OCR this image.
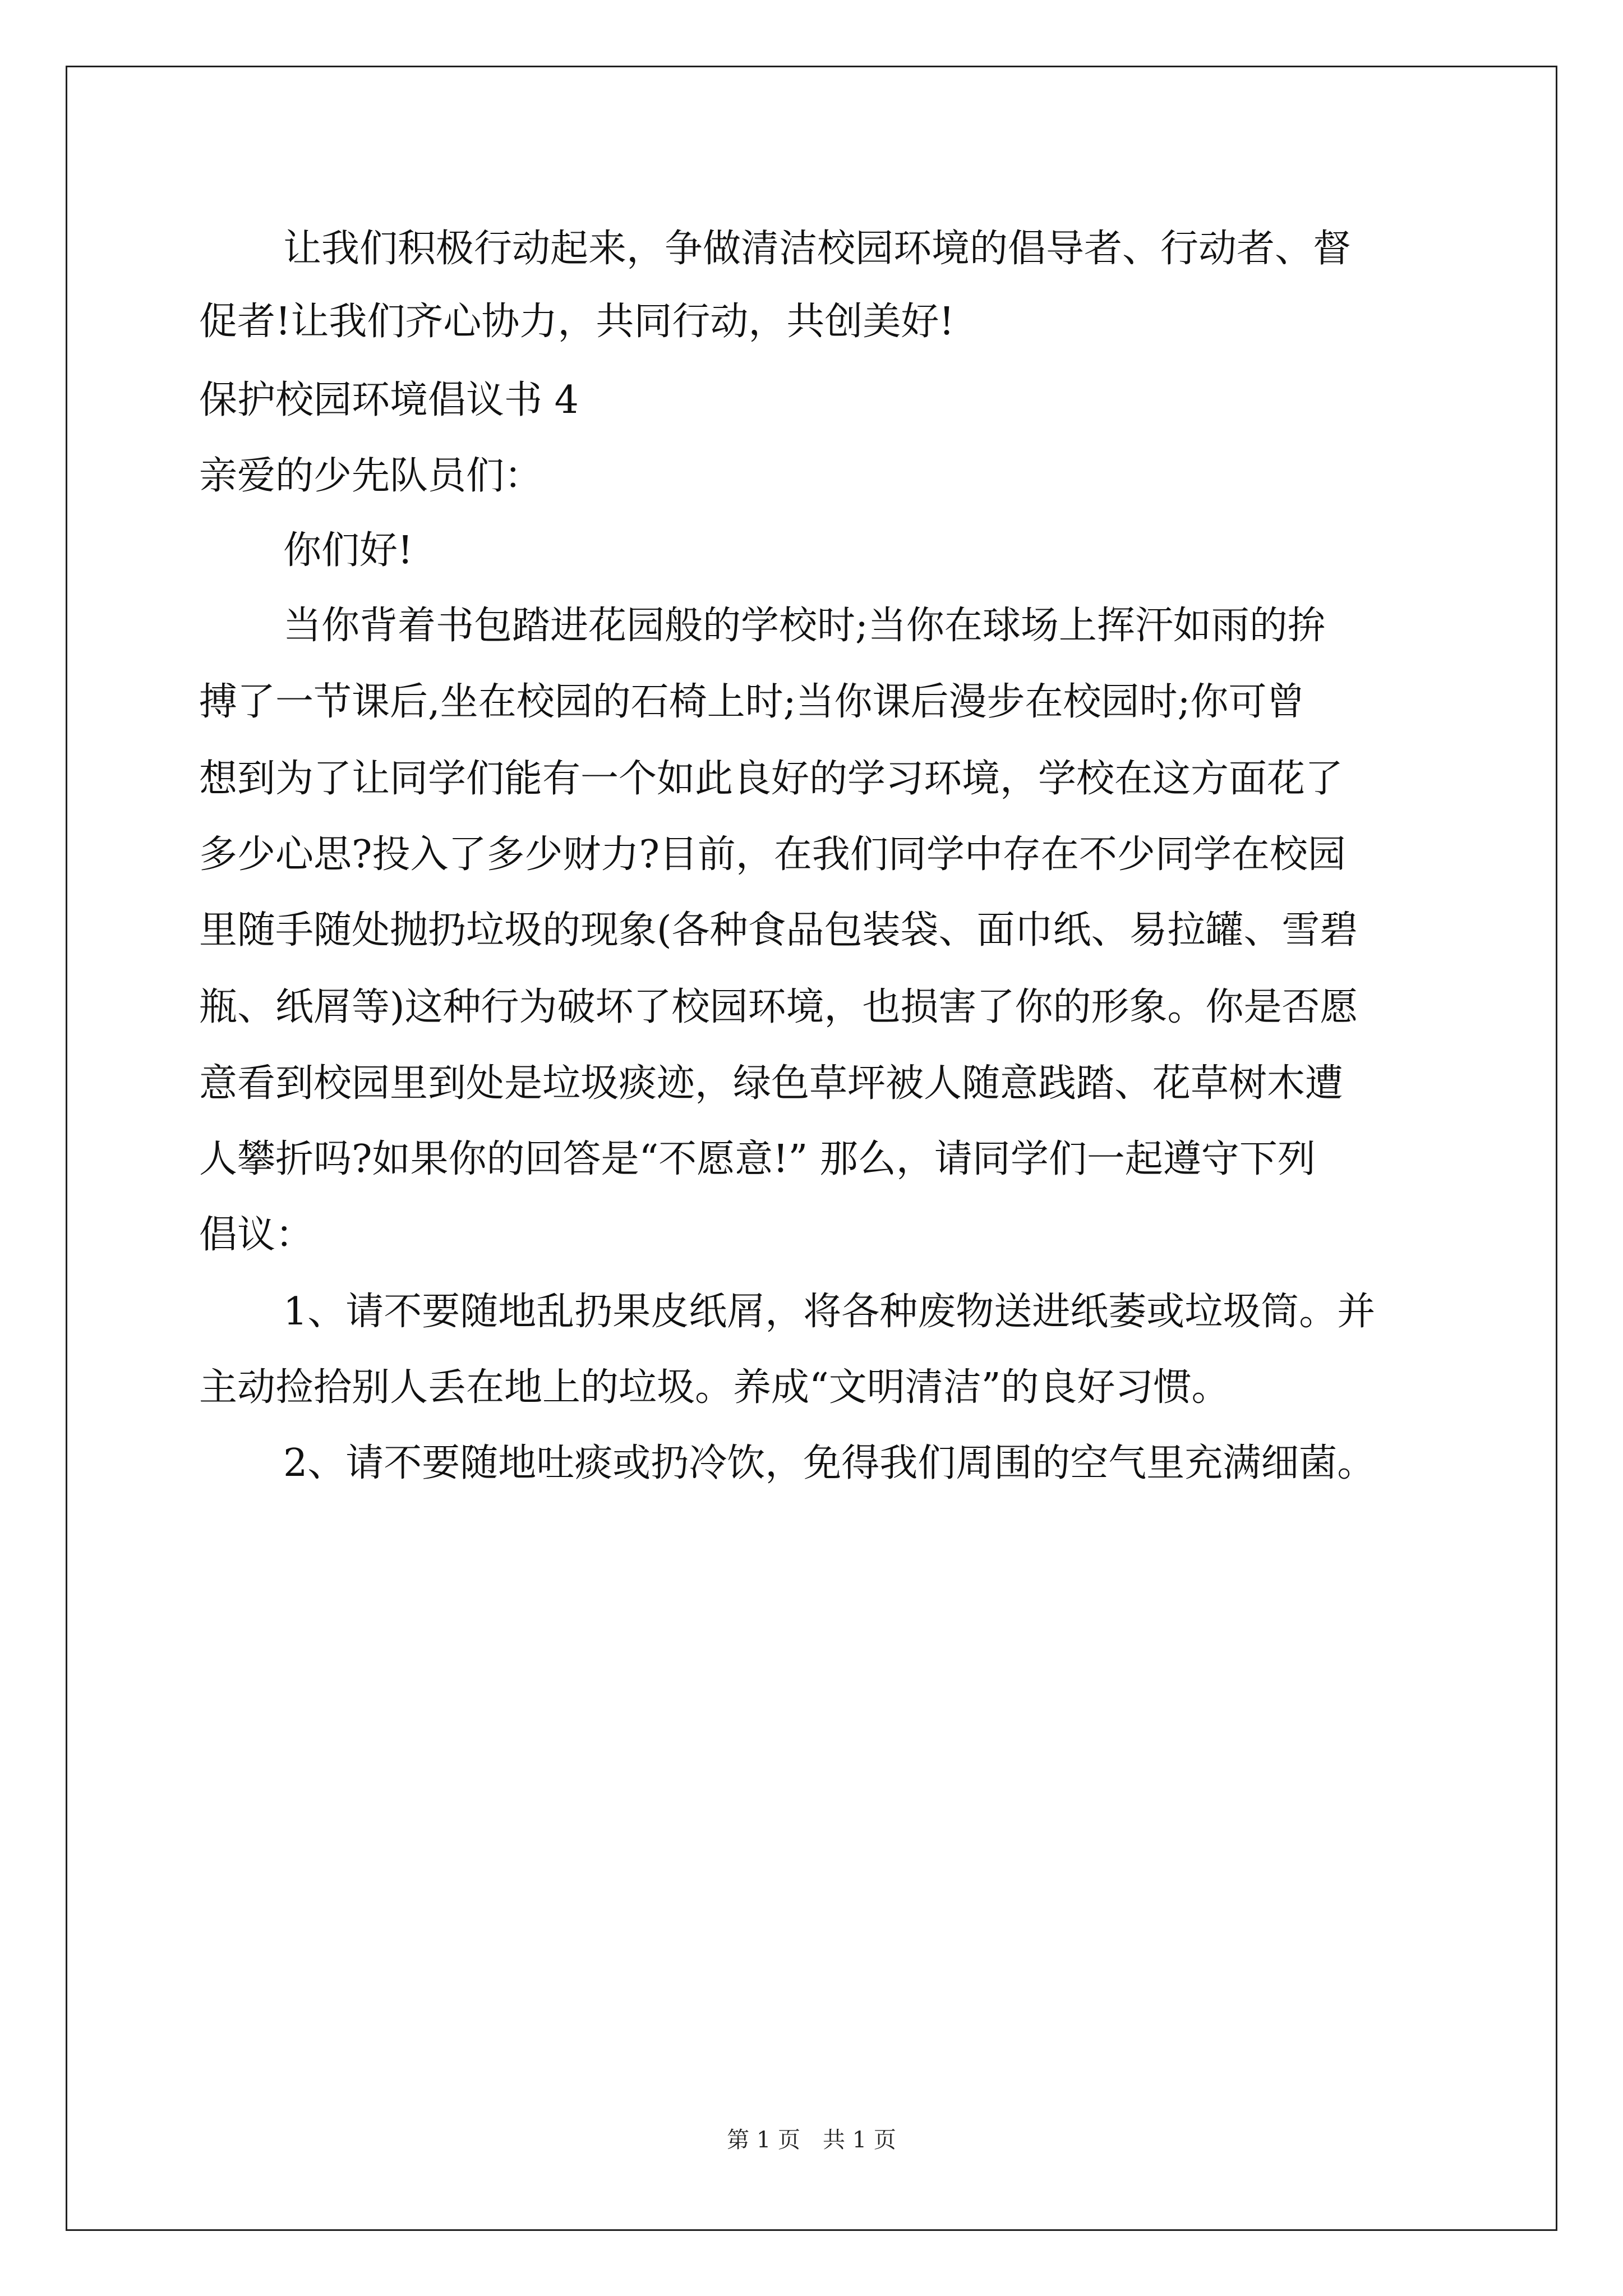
让我们积极行动起来，争做清洁校园环境的倡导者、行动者、督
促者!让我们齐心协力，共同行动，共创美好!
保护校园环境倡议书 4
亲爱的少先队员们：
你们好!
当你背着书包踏进花园般的学校时;当你在球场上挥汗如雨的拚
搏了一节课后,坐在校园的石椅上时;当你课后漫步在校园时;你可曾
想到为了让同学们能有一个如此良好的学习环境，学校在这方面花了
多少心思?投入了多少财力?目前，在我们同学中存在不少同学在校园
里随手随处抛扔垃圾的现象(各种食品包装袋、面巾纸、易拉罐、雪碧
瓶、纸屑等)这种行为破坏了校园环境，也损害了你的形象。你是否愿
意看到校园里到处是垃圾痰迹，绿色草坪被人随意践踏、花草树木遭
人攀折吗?如果你的回答是“不愿意!” 那么，请同学们一起遵守下列
倡议：
1、请不要随地乱扔果皮纸屑，将各种废物送进纸萎或垃圾筒。并
主动捡拾别人丢在地上的垃圾。养成“文明清洁”的良好习惯。
2、请不要随地吐痰或扔冷饮，免得我们周围的空气里充满细菌。
第 1 页　共 1 页
